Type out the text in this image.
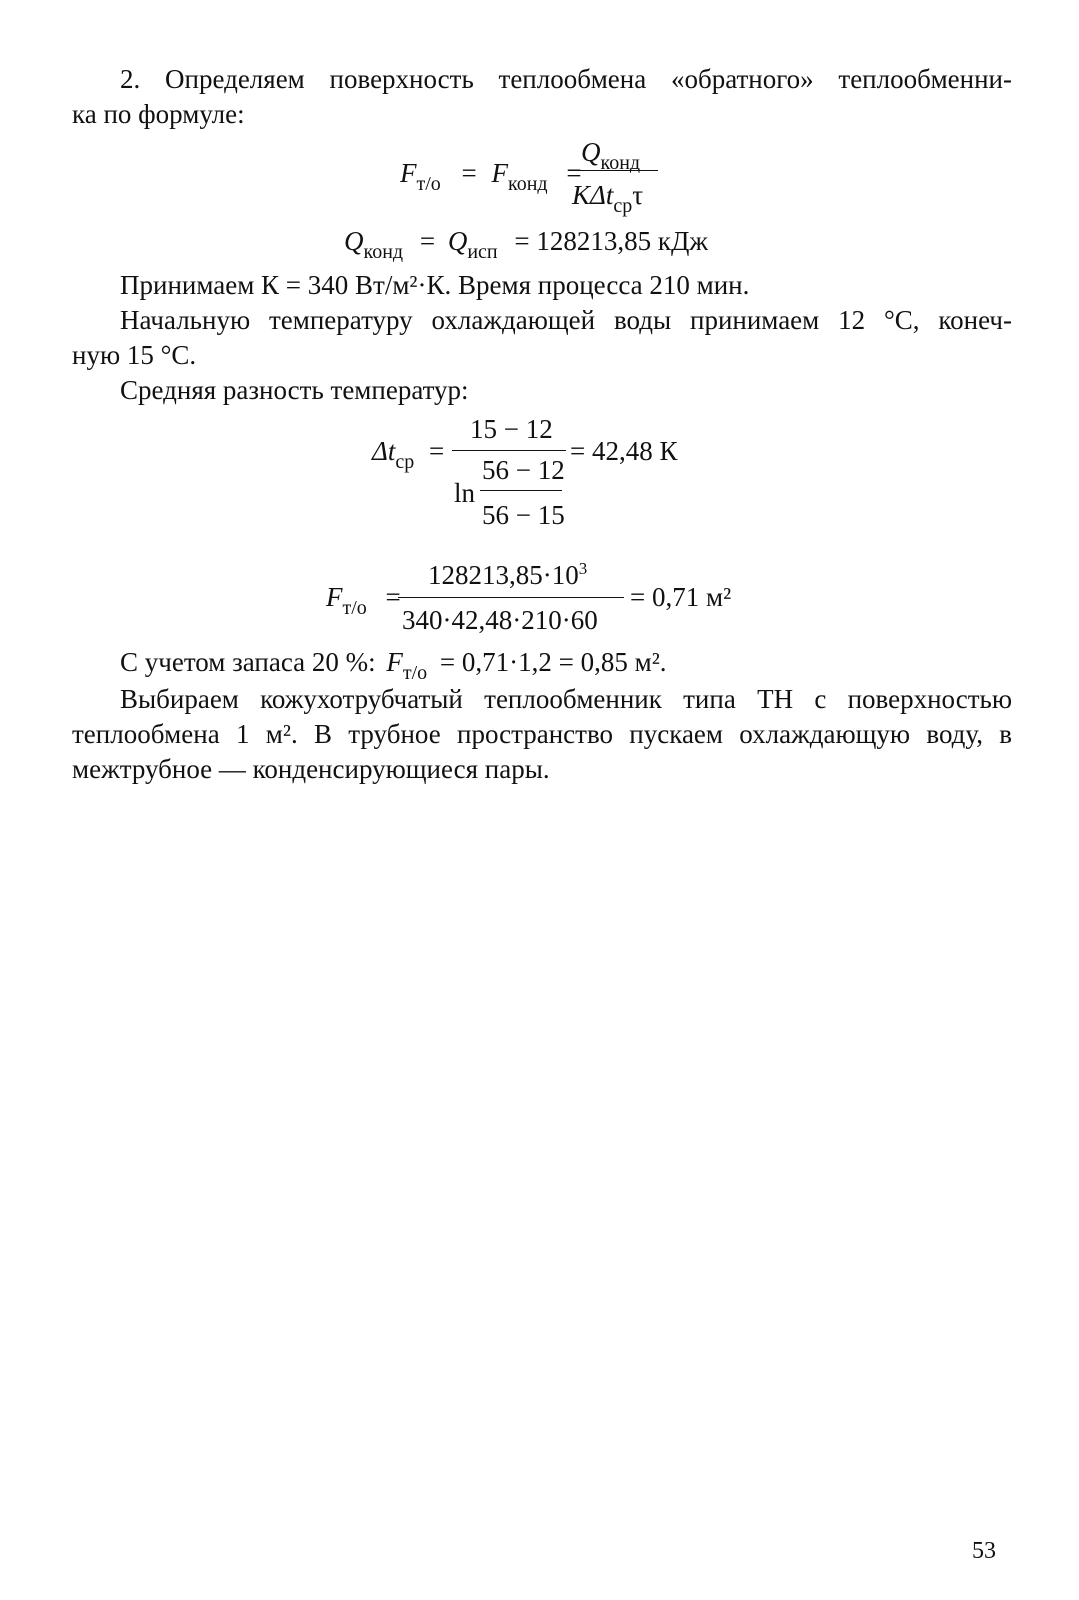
2. Определяем поверхность теплообмена «обратного» теплообменни-
ка по формуле:
$F_{т/о} = F_{конд}$ =
$Q_{конд}$
KΔt$_{ср}$τ
$Q_{конд} = Q_{исп} = 128213,85$ кДж
Принимаем К = 340 Вт/м²·К. Время процесса 210 мин.
Начальную температуру охлаждающей воды принимаем 12 °С, конеч-
ную 15 °С.
Средняя разность температур:
$\Delta t_{ср}$ =
15 − 12
ln
56 − 12
56 − 15
= 42,48 К
$F_{т/о}$ =
$128213,85\cdot 10^3$
340·42,48·210·60
= 0,71 м²
С учетом запаса 20 %: $F_{т/о} = 0,71\cdot 1,2 = 0,85$ м².
Выбираем кожухотрубчатый теплообменник типа ТН с поверхностью
теплообмена 1 м². В трубное пространство пускаем охлаждающую воду, в
межтрубное — конденсирующиеся пары.
53
